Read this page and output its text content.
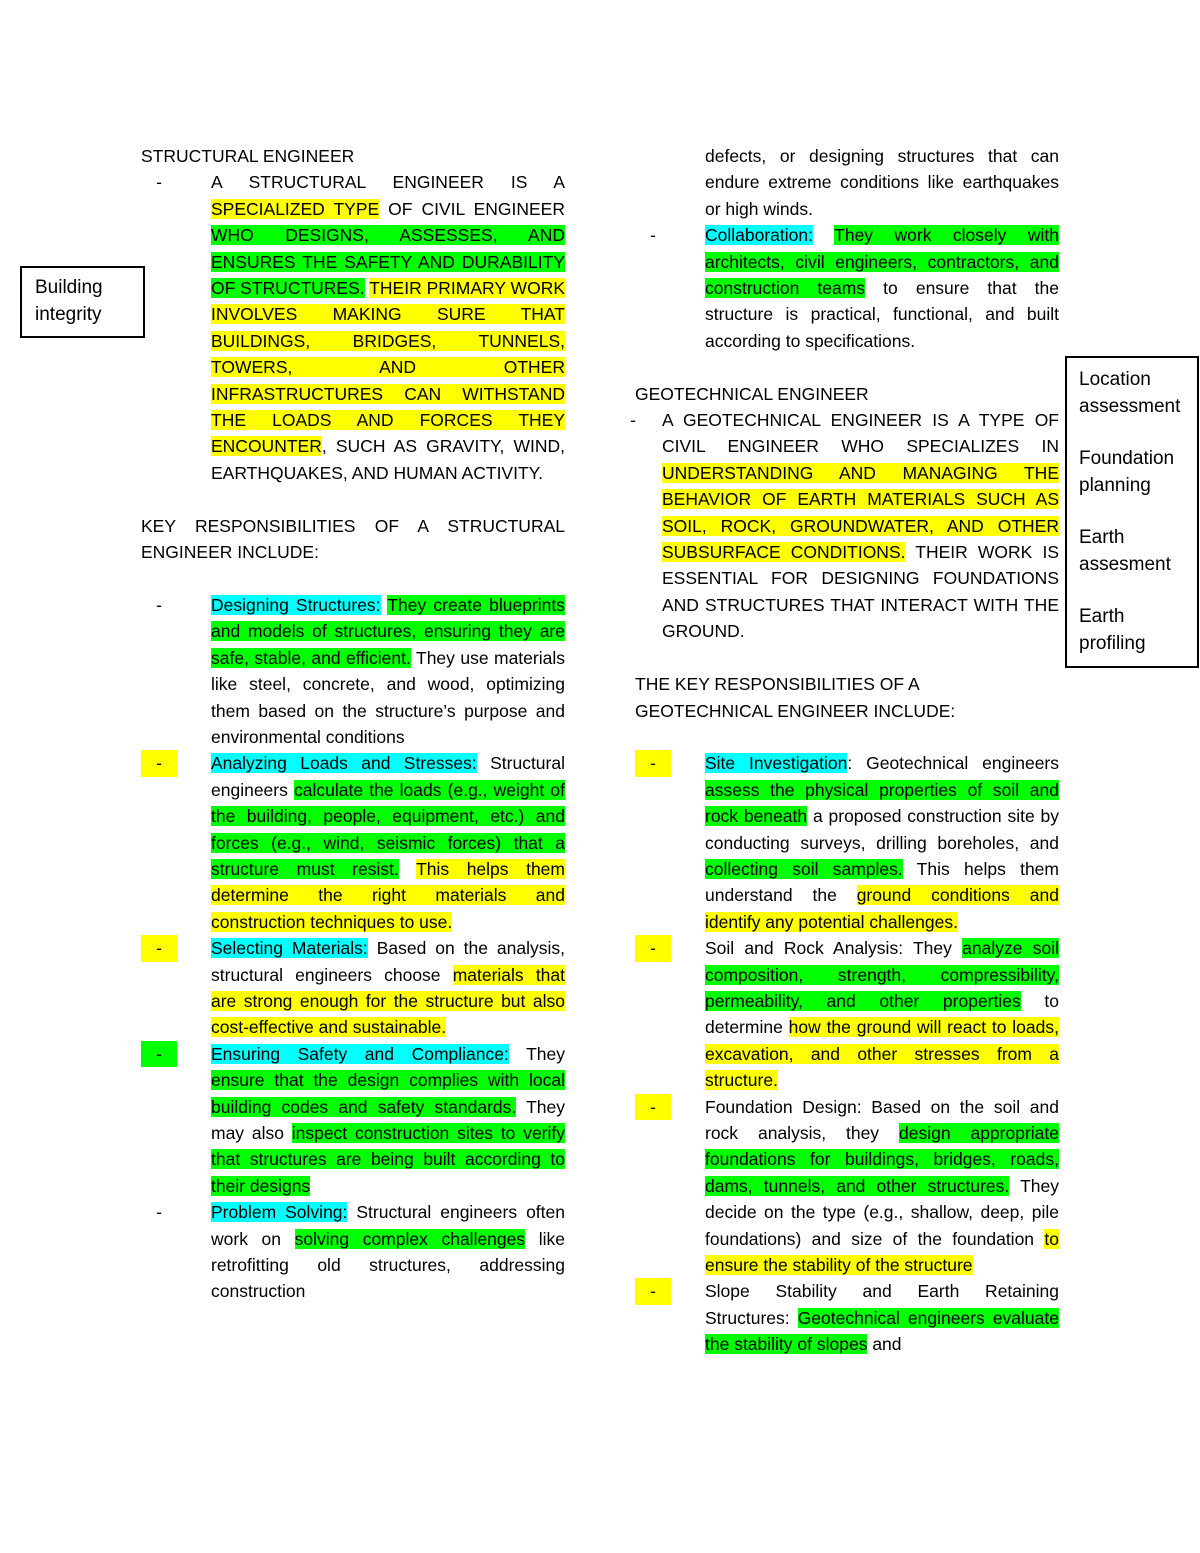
Building

integrity

Location

assessment

Foundation

planning

Earth

assesment

Earth

profiling

STRUCTURAL ENGINEER

-	A STRUCTURAL ENGINEER IS A SPECIALIZED TYPE OF CIVIL ENGINEER WHO DESIGNS, ASSESSES, AND ENSURES THE SAFETY AND DURABILITY OF STRUCTURES. THEIR PRIMARY WORK INVOLVES MAKING SURE THAT BUILDINGS, BRIDGES, TUNNELS, TOWERS, AND OTHER INFRASTRUCTURES CAN WITHSTAND THE LOADS AND FORCES THEY ENCOUNTER, SUCH AS GRAVITY, WIND, EARTHQUAKES, AND HUMAN ACTIVITY.

KEY RESPONSIBILITIES OF A STRUCTURAL ENGINEER INCLUDE:

-	Designing Structures: They create blueprints and models of structures, ensuring they are safe, stable, and efficient. They use materials like steel, concrete, and wood, optimizing them based on the structure’s purpose and environmental conditions
-	Analyzing Loads and Stresses: Structural engineers calculate the loads (e.g., weight of the building, people, equipment, etc.) and forces (e.g., wind, seismic forces) that a structure must resist. This helps them determine the right materials and construction techniques to use.
-	Selecting Materials: Based on the analysis, structural engineers choose materials that are strong enough for the structure but also cost-effective and sustainable.
-	Ensuring Safety and Compliance: They ensure that the design complies with local building codes and safety standards. They may also inspect construction sites to verify that structures are being built according to their designs
-	Problem Solving: Structural engineers often work on solving complex challenges like retrofitting old structures, addressing construction

defects, or designing structures that can endure extreme conditions like earthquakes or high winds.

-	Collaboration: They work closely with architects, civil engineers, contractors, and construction teams to ensure that the structure is practical, functional, and built according to specifications.

GEOTECHNICAL ENGINEER

- A GEOTECHNICAL ENGINEER IS A TYPE OF CIVIL ENGINEER WHO SPECIALIZES IN UNDERSTANDING AND MANAGING THE BEHAVIOR OF EARTH MATERIALS SUCH AS SOIL, ROCK, GROUNDWATER, AND OTHER SUBSURFACE CONDITIONS. THEIR WORK IS ESSENTIAL FOR DESIGNING FOUNDATIONS AND STRUCTURES THAT INTERACT WITH THE GROUND.

THE KEY RESPONSIBILITIES OF A GEOTECHNICAL ENGINEER INCLUDE:

-	Site Investigation: Geotechnical engineers assess the physical properties of soil and rock beneath a proposed construction site by conducting surveys, drilling boreholes, and collecting soil samples. This helps them understand the ground conditions and identify any potential challenges.
-	Soil and Rock Analysis: They analyze soil composition, strength, compressibility, permeability, and other properties to determine how the ground will react to loads, excavation, and other stresses from a structure.
-	Foundation Design: Based on the soil and rock analysis, they design appropriate foundations for buildings, bridges, roads, dams, tunnels, and other structures. They decide on the type (e.g., shallow, deep, pile foundations) and size of the foundation to ensure the stability of the structure
-	Slope Stability and Earth Retaining Structures: Geotechnical engineers evaluate the stability of slopes and
